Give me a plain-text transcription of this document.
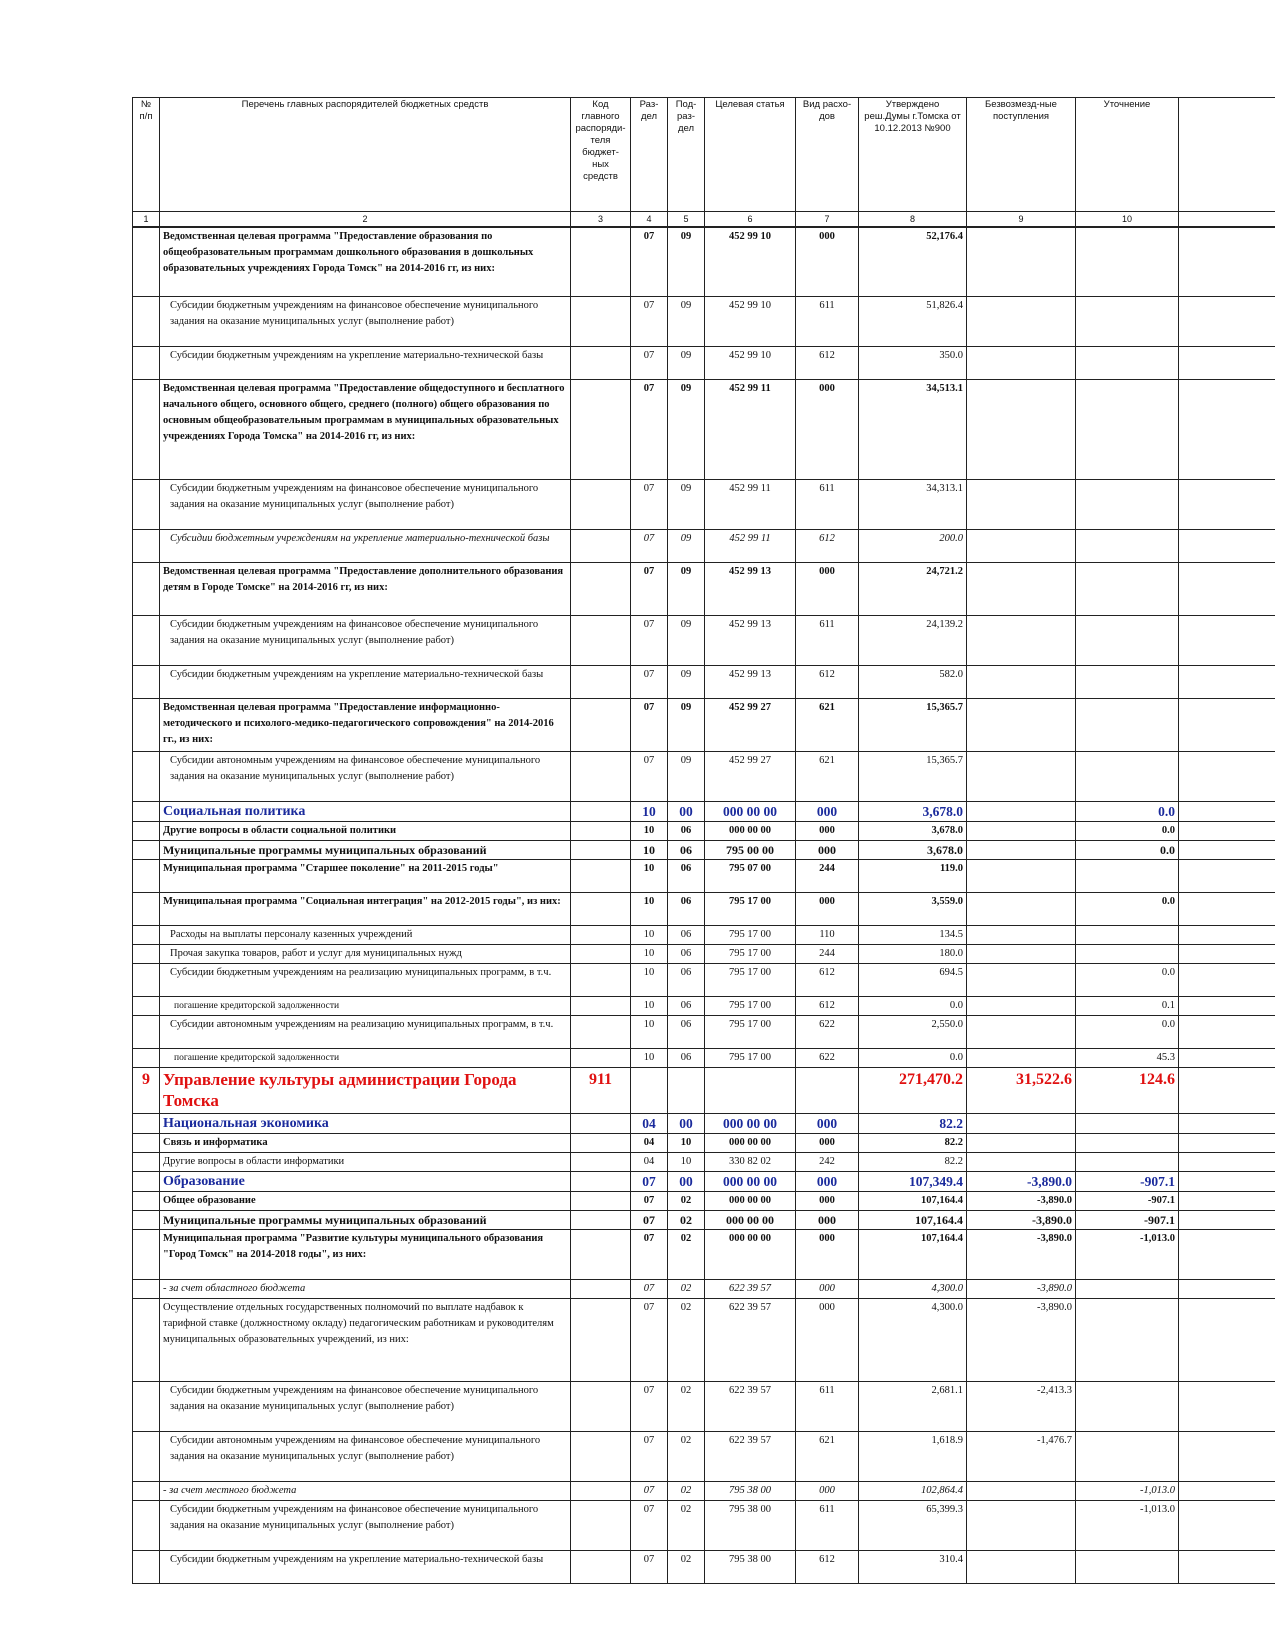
№ п/п	Перечень главных распорядителей бюджетных средств	Код главного распоряди-теля бюджет-ных средств	Раз-дел	Под-раз-дел	Целевая статья	Вид расхо-дов	Утверждено реш.Думы г.Томска от 10.12.2013 №900	Безвозмезд-ные поступления	Уточнение	
1	2	3	4	5	6	7	8	9	10	
	Ведомственная целевая программа "Предоставление образования по общеобразовательным программам дошкольного образования в дошкольных образовательных учреждениях Города Томск" на 2014-2016 гг, из них:		07	09	452 99 10	000	52,176.4			
	Субсидии бюджетным учреждениям на финансовое обеспечение муниципального задания на оказание муниципальных услуг (выполнение работ)		07	09	452 99 10	611	51,826.4			
	Субсидии бюджетным учреждениям на укрепление материально-технической базы		07	09	452 99 10	612	350.0			
	Ведомственная целевая программа "Предоставление общедоступного и бесплатного начального общего, основного общего, среднего (полного) общего образования по основным общеобразовательным программам в муниципальных образовательных учреждениях Города Томска" на 2014-2016 гг, из них:		07	09	452 99 11	000	34,513.1			
	Субсидии бюджетным учреждениям на финансовое обеспечение муниципального задания на оказание муниципальных услуг (выполнение работ)		07	09	452 99 11	611	34,313.1			
	Субсидии бюджетным учреждениям на укрепление материально-технической базы		07	09	452 99 11	612	200.0			
	Ведомственная целевая программа "Предоставление дополнительного образования детям в Городе Томске" на 2014-2016 гг, из них:		07	09	452 99 13	000	24,721.2			
	Субсидии бюджетным учреждениям на финансовое обеспечение муниципального задания на оказание муниципальных услуг (выполнение работ)		07	09	452 99 13	611	24,139.2			
	Субсидии бюджетным учреждениям на укрепление материально-технической базы		07	09	452 99 13	612	582.0			
	Ведомственная целевая программа "Предоставление информационно-методического и психолого-медико-педагогического сопровождения" на 2014-2016 гг., из них:		07	09	452 99 27	621	15,365.7			
	Субсидии автономным учреждениям на финансовое обеспечение муниципального задания на оказание муниципальных услуг (выполнение работ)		07	09	452 99 27	621	15,365.7			
	Социальная политика		10	00	000 00 00	000	3,678.0		0.0	
	Другие вопросы в области социальной политики		10	06	000 00 00	000	3,678.0		0.0	
	Муниципальные программы муниципальных образований		10	06	795 00 00	000	3,678.0		0.0	
	Муниципальная программа "Старшее поколение" на 2011-2015 годы"		10	06	795 07 00	244	119.0			
	Муниципальная программа "Социальная интеграция" на 2012-2015 годы", из них:		10	06	795 17 00	000	3,559.0		0.0	
	Расходы на выплаты персоналу казенных учреждений		10	06	795 17 00	110	134.5			
	Прочая закупка товаров, работ и услуг для муниципальных нужд		10	06	795 17 00	244	180.0			
	Субсидии бюджетным учреждениям на реализацию муниципальных программ, в т.ч.		10	06	795 17 00	612	694.5		0.0	
	погашение кредиторской задолженности		10	06	795 17 00	612	0.0		0.1	
	Субсидии автономным учреждениям на реализацию муниципальных программ, в т.ч.		10	06	795 17 00	622	2,550.0		0.0	
	погашение кредиторской задолженности		10	06	795 17 00	622	0.0		45.3	
9	Управление культуры администрации Города Томска	911					271,470.2	31,522.6	124.6	
	Национальная экономика		04	00	000 00 00	000	82.2			
	Связь и информатика		04	10	000 00 00	000	82.2			
	Другие вопросы в области информатики		04	10	330 82 02	242	82.2			
	Образование		07	00	000 00 00	000	107,349.4	-3,890.0	-907.1	
	Общее образование		07	02	000 00 00	000	107,164.4	-3,890.0	-907.1	
	Муниципальные программы муниципальных образований		07	02	000 00 00	000	107,164.4	-3,890.0	-907.1	
	Муниципальная программа "Развитие культуры муниципального образования "Город Томск" на 2014-2018 годы", из них:		07	02	000 00 00	000	107,164.4	-3,890.0	-1,013.0	
	- за счет областного бюджета		07	02	622 39 57	000	4,300.0	-3,890.0		
	Осуществление отдельных государственных полномочий по выплате надбавок к тарифной ставке (должностному окладу) педагогическим работникам и руководителям муниципальных образовательных учреждений, из них:		07	02	622 39 57	000	4,300.0	-3,890.0		
	Субсидии бюджетным учреждениям на финансовое обеспечение муниципального задания на оказание муниципальных услуг (выполнение работ)		07	02	622 39 57	611	2,681.1	-2,413.3		
	Субсидии автономным учреждениям на финансовое обеспечение муниципального задания на оказание муниципальных услуг (выполнение работ)		07	02	622 39 57	621	1,618.9	-1,476.7		
	- за счет местного бюджета		07	02	795 38 00	000	102,864.4		-1,013.0	
	Субсидии бюджетным учреждениям на финансовое обеспечение муниципального задания на оказание муниципальных услуг (выполнение работ)		07	02	795 38 00	611	65,399.3		-1,013.0	
	Субсидии бюджетным учреждениям на укрепление материально-технической базы		07	02	795 38 00	612	310.4			
